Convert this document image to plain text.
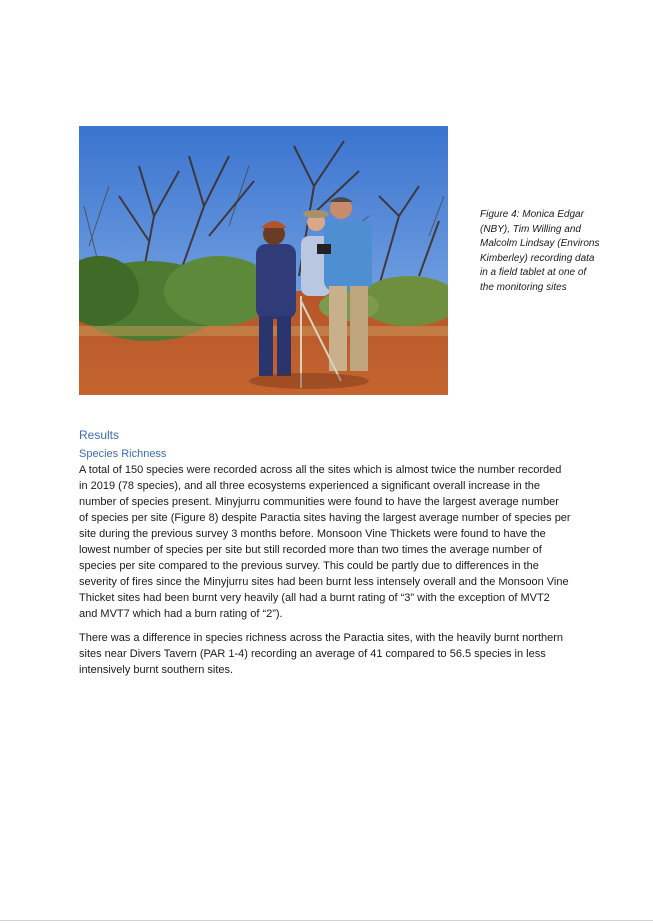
Figure 4: Monica Edgar (NBY), Tim Willing and Malcolm Lindsay (Environs Kimberley) recording data in a field tablet at one of the monitoring sites
Results
Species Richness

A total of 150 species were recorded across all the sites which is almost twice the number recorded in 2019 (78 species), and all three ecosystems experienced a significant overall increase in the number of species present. Minyjurru communities were found to have the largest average number of species per site (Figure 8) despite Paractia sites having the largest average number of species per site during the previous survey 3 months before. Monsoon Vine Thickets were found to have the lowest number of species per site but still recorded more than two times the average number of species per site compared to the previous survey. This could be partly due to differences in the severity of fires since the Minyjurru sites had been burnt less intensely overall and the Monsoon Vine Thicket sites had been burnt very heavily (all had a burnt rating of “3” with the exception of MVT2 and MVT7 which had a burn rating of “2”).

There was a difference in species richness across the Paractia sites, with the heavily burnt northern sites near Divers Tavern (PAR 1-4) recording an average of 41 compared to 56.5 species in less intensively burnt southern sites.
